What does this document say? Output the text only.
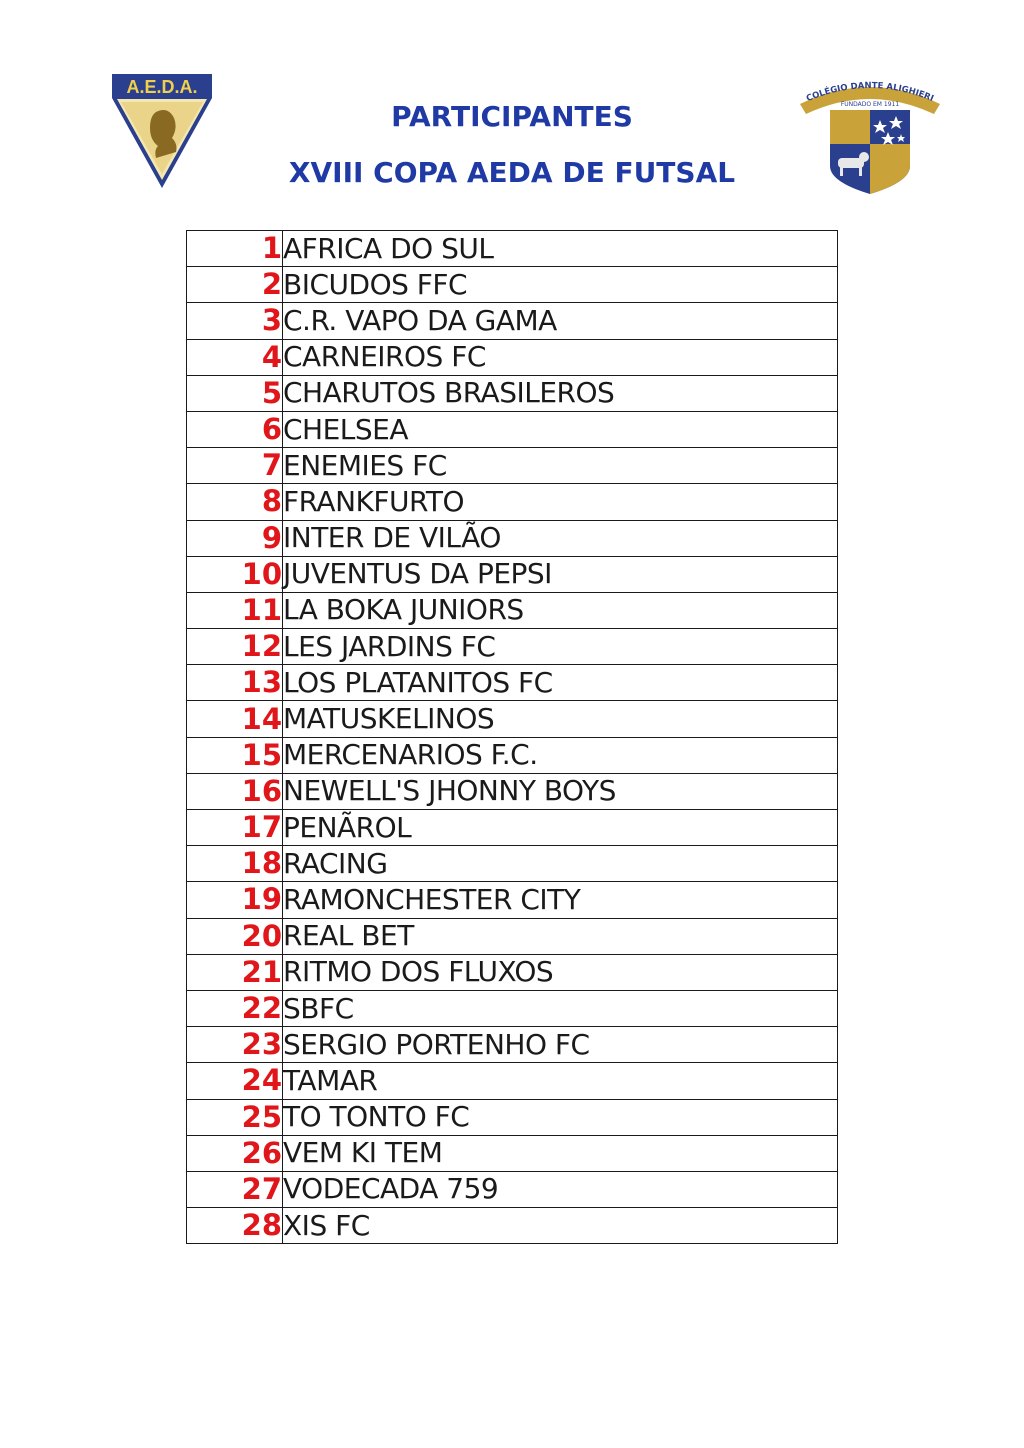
A.E.D.A.
COLÉGIO DANTE ALIGHIERI
FUNDADO EM 1911
PARTICIPANTES
XVIII COPA AEDA DE FUTSAL
1	AFRICA DO SUL
2	BICUDOS FFC
3	C.R. VAPO DA GAMA
4	CARNEIROS FC
5	CHARUTOS BRASILEROS
6	CHELSEA
7	ENEMIES FC
8	FRANKFURTO
9	INTER DE VILÃO
10	JUVENTUS DA PEPSI
11	LA BOKA JUNIORS
12	LES JARDINS FC
13	LOS PLATANITOS FC
14	MATUSKELINOS
15	MERCENARIOS F.C.
16	NEWELL'S JHONNY BOYS
17	PENÃROL
18	RACING
19	RAMONCHESTER CITY
20	REAL BET
21	RITMO DOS FLUXOS
22	SBFC
23	SERGIO PORTENHO FC
24	TAMAR
25	TO TONTO FC
26	VEM KI TEM
27	VODECADA 759
28	XIS FC
